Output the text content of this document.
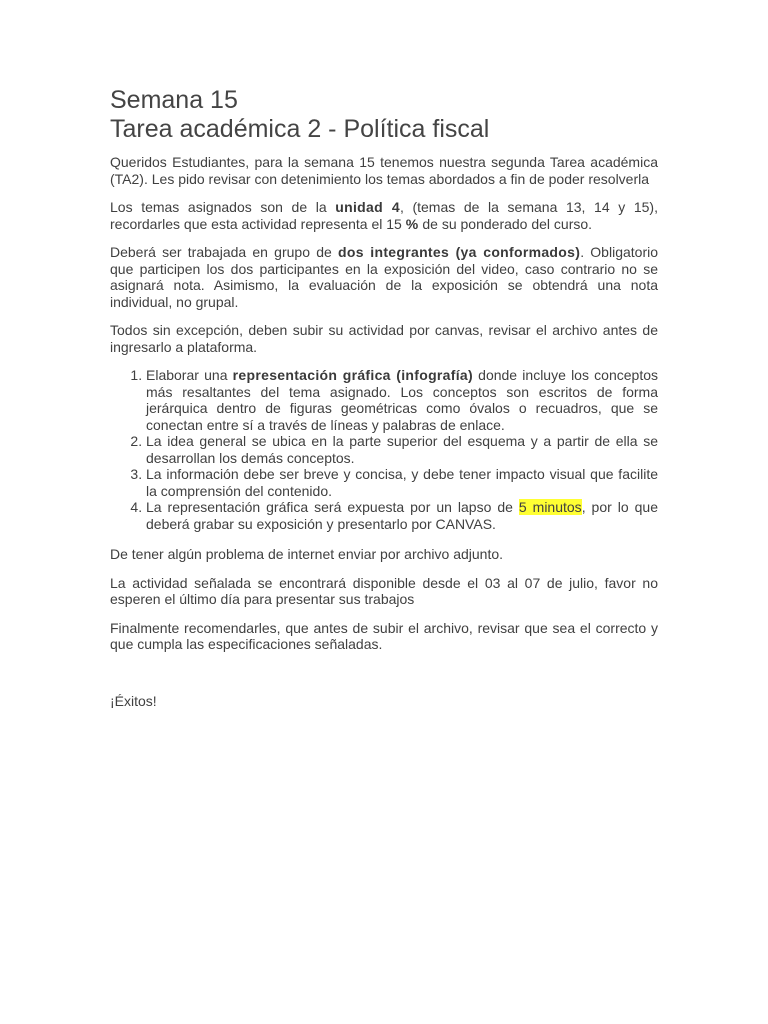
Semana 15
Tarea académica 2 - Política fiscal

Queridos Estudiantes, para la semana 15 tenemos nuestra segunda Tarea académica (TA2). Les pido revisar con detenimiento los temas abordados a fin de poder resolverla

Los temas asignados son de la unidad 4, (temas de la semana 13, 14 y 15), recordarles que esta actividad representa el 15 % de su ponderado del curso.

Deberá ser trabajada en grupo de dos integrantes (ya conformados). Obligatorio que participen los dos participantes en la exposición del video, caso contrario no se asignará nota. Asimismo, la evaluación de la exposición se obtendrá una nota individual, no grupal.

Todos sin excepción, deben subir su actividad por canvas, revisar el archivo antes de ingresarlo a plataforma.

1. Elaborar una representación gráfica (infografía) donde incluye los conceptos más resaltantes del tema asignado. Los conceptos son escritos de forma jerárquica dentro de figuras geométricas como óvalos o recuadros, que se conectan entre sí a través de líneas y palabras de enlace.
2. La idea general se ubica en la parte superior del esquema y a partir de ella se desarrollan los demás conceptos.
3. La información debe ser breve y concisa, y debe tener impacto visual que facilite la comprensión del contenido.
4. La representación gráfica será expuesta por un lapso de 5 minutos, por lo que deberá grabar su exposición y presentarlo por CANVAS.

De tener algún problema de internet enviar por archivo adjunto.

La actividad señalada se encontrará disponible desde el 03 al 07 de julio, favor no esperen el último día para presentar sus trabajos

Finalmente recomendarles, que antes de subir el archivo, revisar que sea el correcto y que cumpla las especificaciones señaladas.

¡Éxitos!
